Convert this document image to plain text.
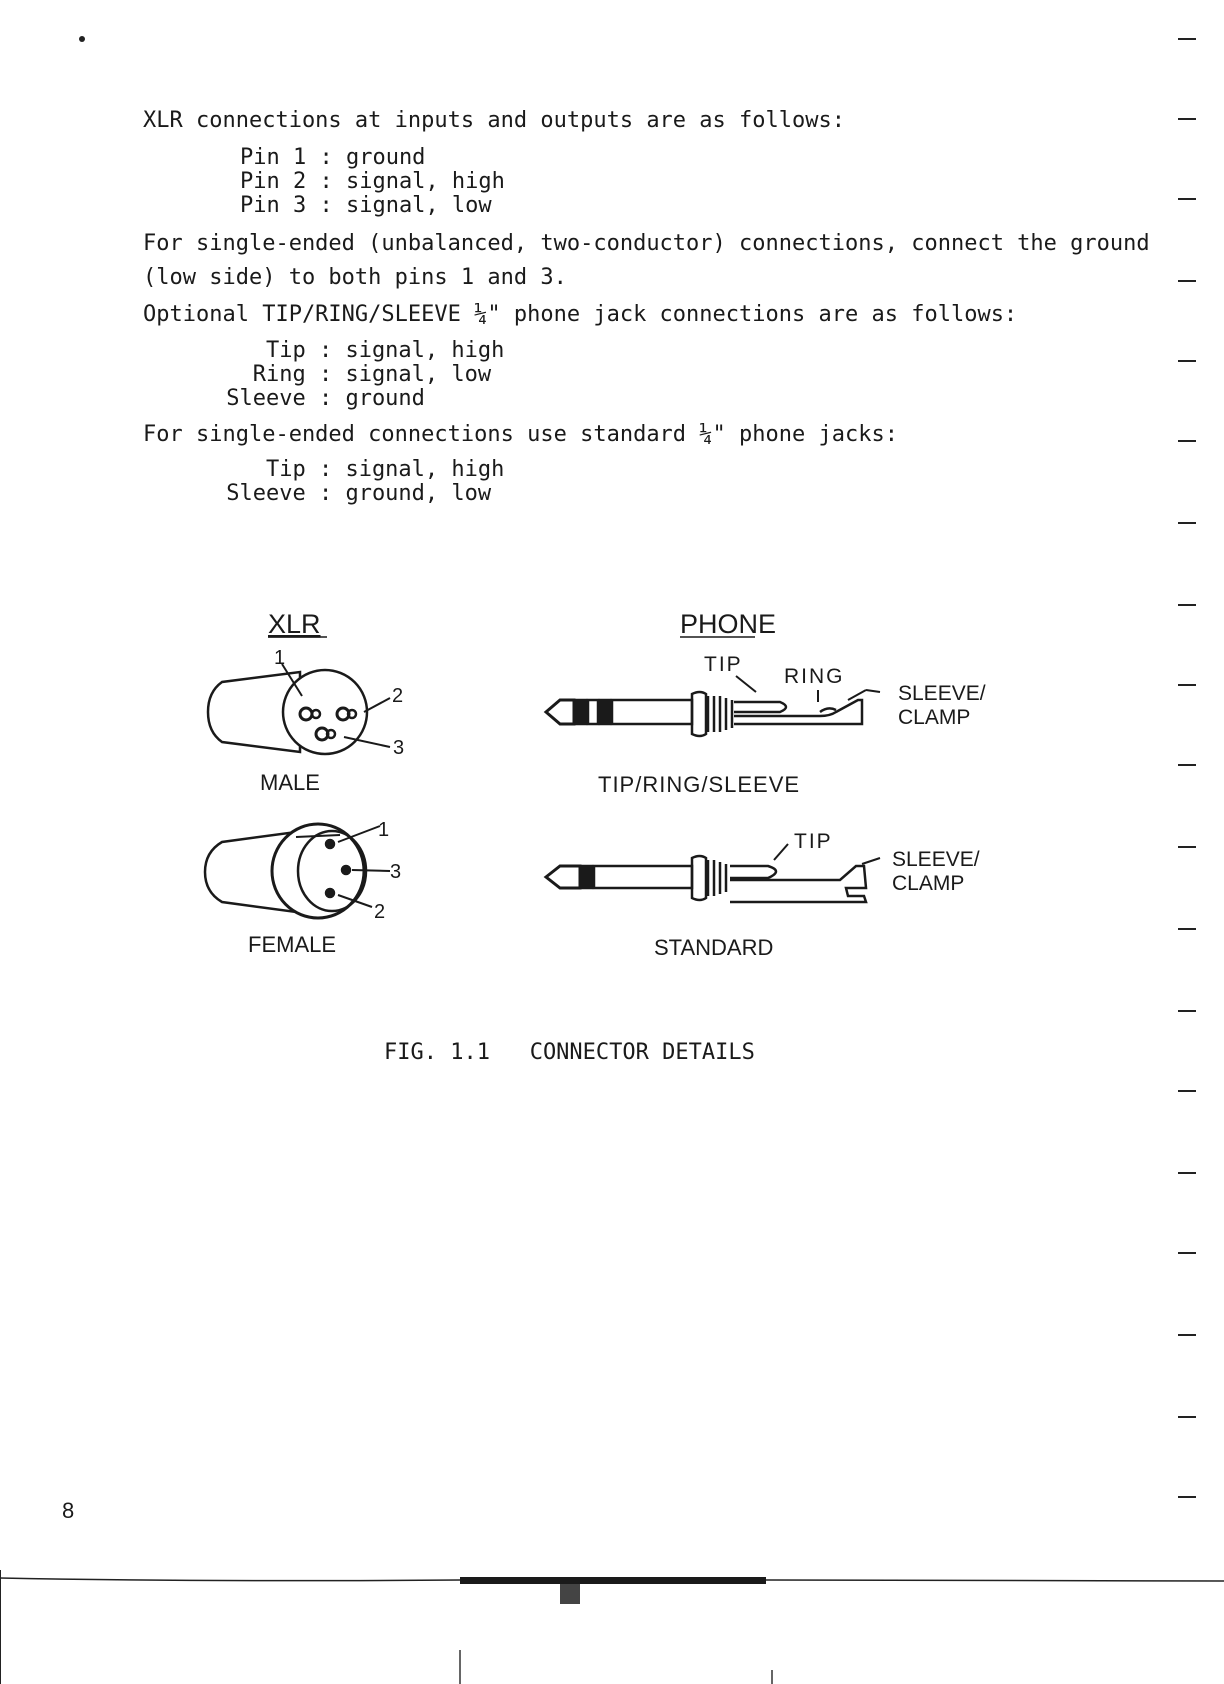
XLR connections at inputs and outputs are as follows:
Pin 1 : ground
Pin 2 : signal, high
Pin 3 : signal, low
For single-ended (unbalanced, two-conductor) connections, connect the ground
(low side) to both pins 1 and 3.
Optional TIP/RING/SLEEVE ¼" phone jack connections are as follows:
Tip : signal, high
Ring : signal, low
Sleeve : ground
For single-ended connections use standard ¼" phone jacks:
Tip : signal, high
Sleeve : ground, low
XLR	PHONE
1
2
3
MALE
1
3
2
FEMALE
TIP
RING
SLEEVE/
CLAMP
TIP/RING/SLEEVE
TIP
SLEEVE/
CLAMP
STANDARD
FIG. 1.1   CONNECTOR DETAILS
8
